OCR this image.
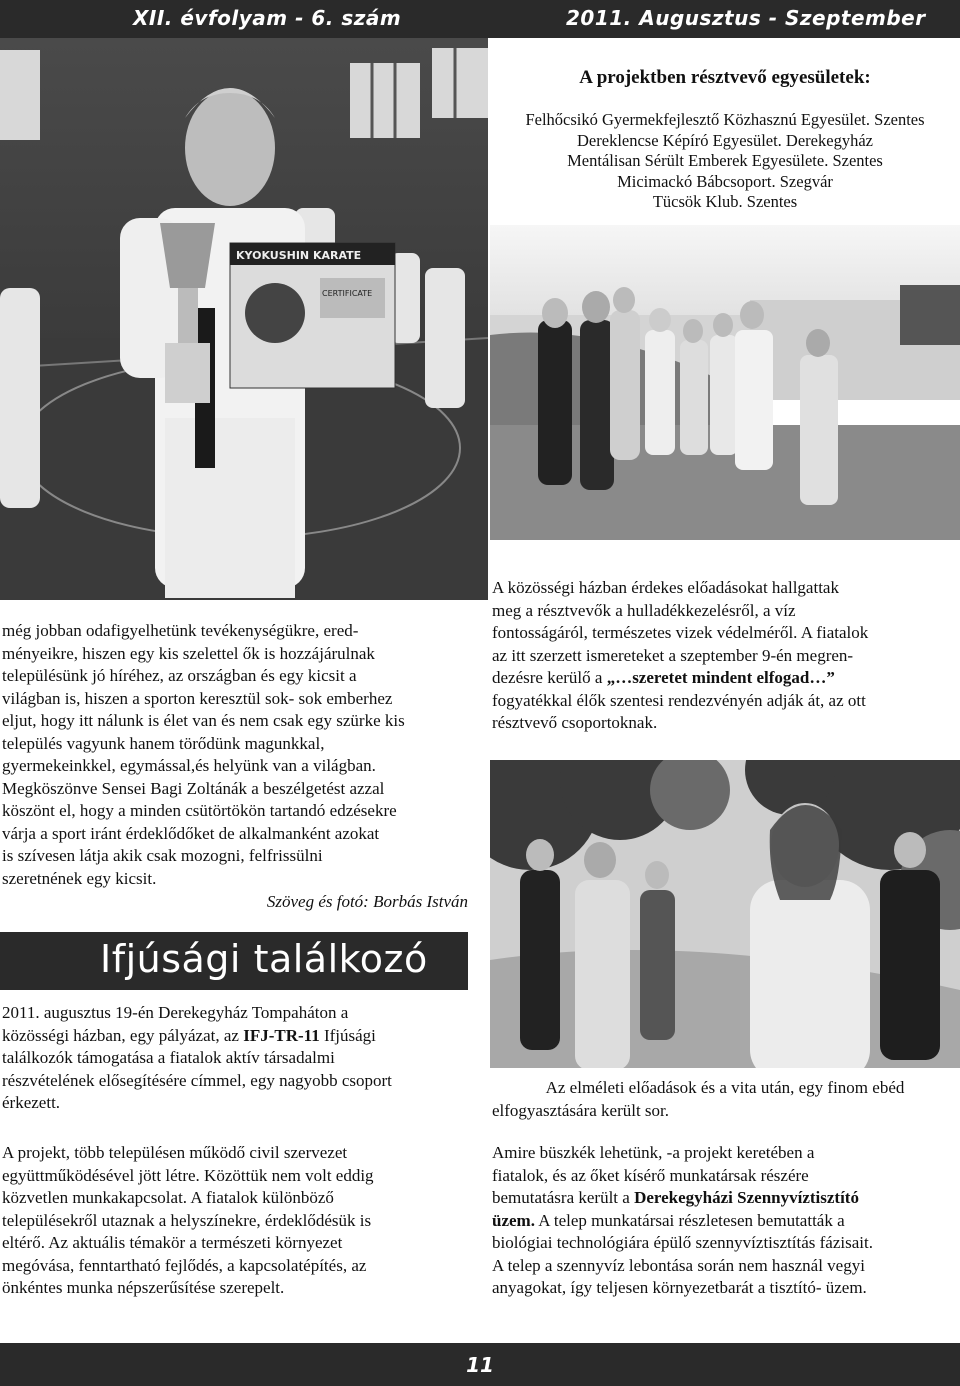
XII. évfolyam - 6. szám	2011. Augusztus - Szeptember
KYOKUSHIN KARATE
CERTIFICATE
A projektben résztvevő egyesületek:
Felhőcsikó Gyermekfejlesztő Közhasznú Egyesület. Szentes
Dereklencse Képíró Egyesület. Derekegyház
Mentálisan Sérült Emberek Egyesülete. Szentes
Micimackó Bábcsoport. Szegvár
Tücsök Klub. Szentes
még jobban odafigyelhetünk tevékenységükre, ered-
ményeikre, hiszen egy kis szelettel ők is hozzájárulnak
településünk jó híréhez, az országban és egy kicsit a
világban is, hiszen a sporton keresztül sok- sok emberhez
eljut, hogy itt nálunk is élet van és nem csak egy szürke kis
település vagyunk hanem törődünk magunkkal,
gyermekeinkkel, egymással,és helyünk van a világban.
Megköszönve Sensei Bagi Zoltánák a beszélgetést azzal
köszönt el, hogy a minden csütörtökön tartandó edzésekre
várja a sport iránt érdeklődőket de alkalmanként azokat
is szívesen látja akik csak mozogni, felfrissülni
szeretnének egy kicsit.
Szöveg és fotó: Borbás István
Ifjúsági találkozó
2011. augusztus 19-én Derekegyház Tompaháton a
közösségi házban, egy pályázat, az IFJ-TR-11 Ifjúsági
találkozók támogatása a fiatalok aktív társadalmi
részvételének elősegítésére címmel, egy nagyobb csoport
érkezett.
A projekt, több településen működő civil szervezet
együttműködésével jött létre. Közöttük nem volt eddig
közvetlen munkakapcsolat. A fiatalok különböző
településekről utaznak a helyszínekre, érdeklődésük is
eltérő. Az aktuális témakör a természeti környezet
megóvása, fenntartható fejlődés, a kapcsolatépítés, az
önkéntes munka népszerűsítése szerepelt.
A közösségi házban érdekes előadásokat hallgattak
meg a résztvevők a hulladékkezelésről, a víz
fontosságáról, természetes vizek védelméről. A fiatalok
az itt szerzett ismereteket a szeptember 9-én megren-
dezésre kerülő a „…szeretet mindent elfogad…”
fogyatékkal élők szentesi rendezvényén adják át, az ott
résztvevő csoportoknak.
Az elméleti előadások és a vita után, egy finom ebéd
elfogyasztására került sor.
Amire büszkék lehetünk, -a projekt keretében a
fiatalok, és az őket kísérő munkatársak részére
bemutatásra került a Derekegyházi Szennyvíztisztító
üzem. A telep munkatársai részletesen bemutatták a
biológiai technológiára épülő szennyvíztisztítás fázisait.
A telep a szennyvíz lebontása során nem használ vegyi
anyagokat, így teljesen környezetbarát a tisztító- üzem.
11
